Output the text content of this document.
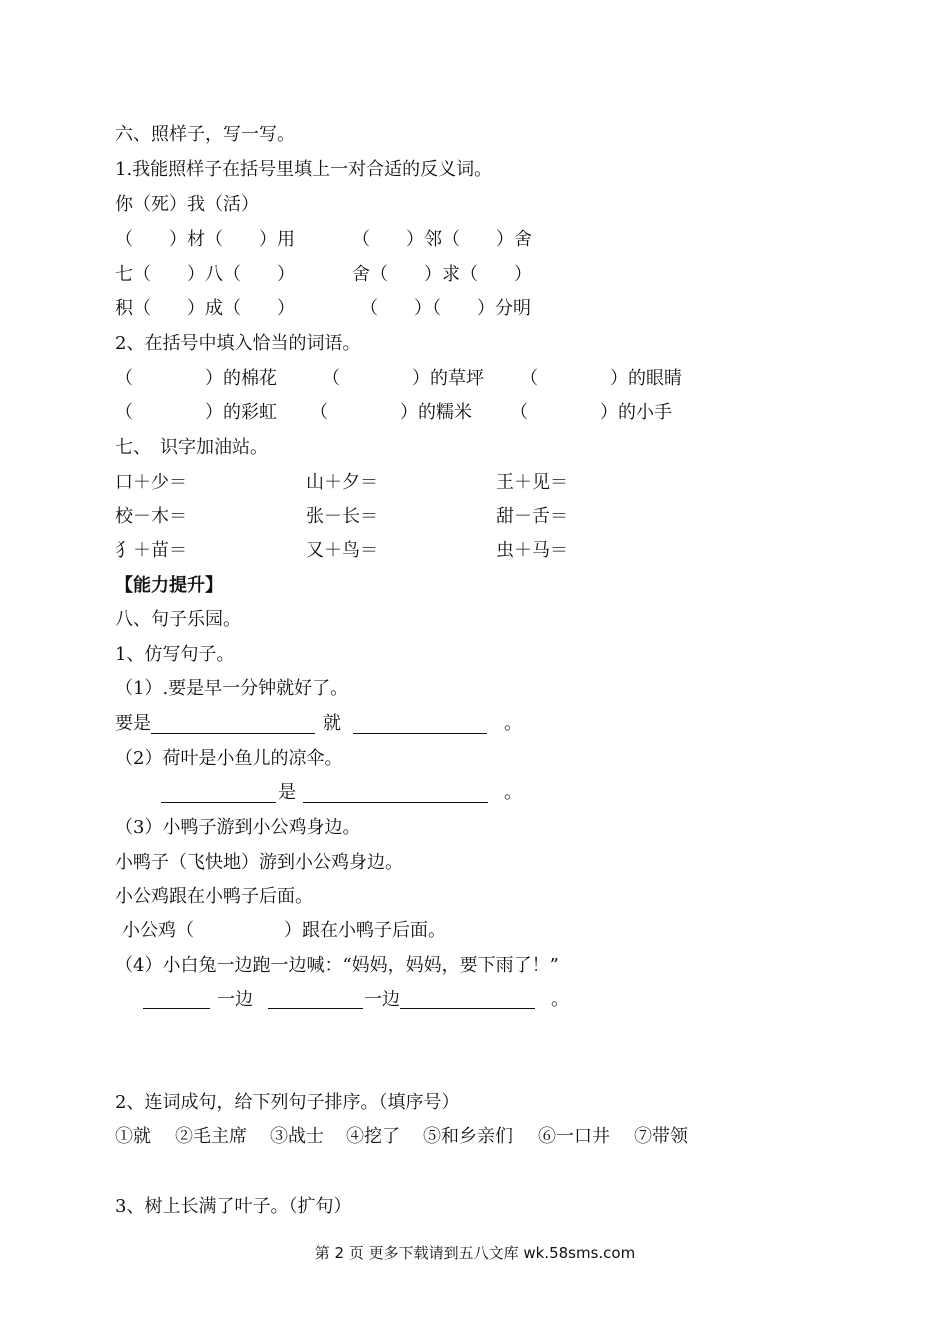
六、照样子，写一写。
1.我能照样子在括号里填上一对合适的反义词。
你（死）我（活）
（　　）材（　　）用	（　　）邻（　　）舍
七（　　）八（　　）	舍（　　）求（　　）
积（　　）成（　　）	（　　）（　　）分明
2、在括号中填入恰当的词语。
（　　　　）的棉花	（　　　　）的草坪 （　　　　）的眼睛
（　　　　）的彩虹 （　　　　）的糯米 （　　　　）的小手
七、　识字加油站。
口＋少＝	山＋夕＝	王＋见＝
校－木＝	张－长＝	甜－舌＝
犭＋苗＝	又＋鸟＝	虫＋马＝
【能力提升】
八、句子乐园。
1、仿写句子。
（1）.要是早一分钟就好了。
要是	就	。
（2）荷叶是小鱼儿的凉伞。
是	。
（3）小鸭子游到小公鸡身边。
小鸭子（飞快地）游到小公鸡身边。
小公鸡跟在小鸭子后面。
小公鸡（　　　　　）跟在小鸭子后面。
（4）小白兔一边跑一边喊：“妈妈，妈妈，要下雨了！”
一边	一边	。
2、连词成句，给下列句子排序。（填序号）
①就 ②毛主席 ③战士 ④挖了 ⑤和乡亲们 ⑥一口井 ⑦带领
3、树上长满了叶子。（扩句）
第 2 页 更多下载请到五八文库 wk.58sms.com
